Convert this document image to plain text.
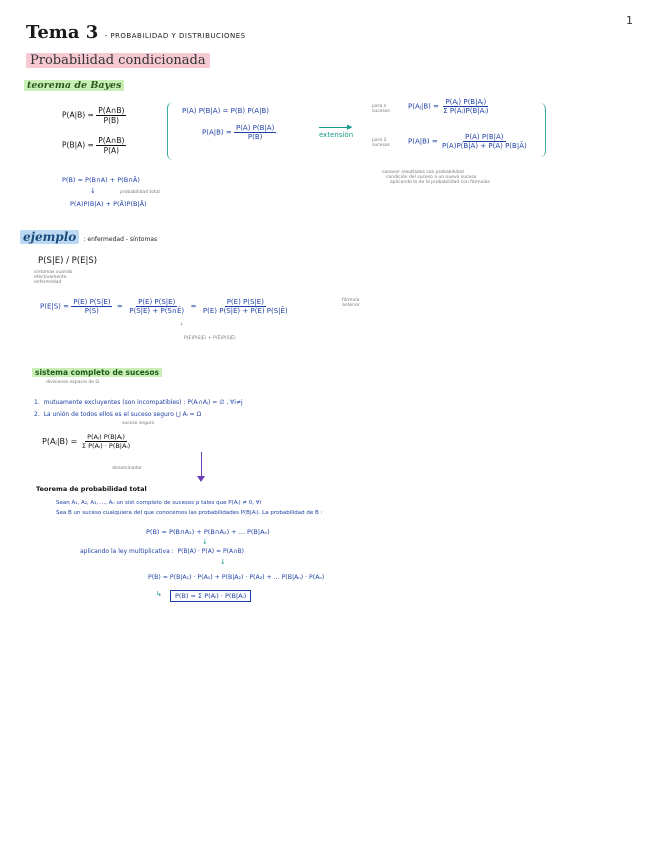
1
Tema 3 - PROBABILIDAD Y DISTRIBUCIONES
Probabilidad condicionada
teorema de Bayes
$P(A|B) = \frac{P(A\cap B)}{P(B)}$
$P(B|A) = \frac{P(A\cap B)}{P(A)}$
P(A) P(B|A) = P(B) P(A|B)
$P(A|B) = \frac{P(A) P(B|A)}{P(B)}$	▶
extensión
para n sucesos
para 2 sucesos
P(Aⱼ|B) = $\frac{\text{P(Aⱼ) P(B|Aⱼ)}}{\text{Σ P(Aᵢ)P(B|Aᵢ)}}$
$P(A|B) = \frac{P(A) P(B|A)}{P(A)P(B|A) + P(Ā) P(B|Ā)}$
P(B) = P(B∩A) + P(B∩Ā)
↓	probabilidad total
P(A)P(B|A) + P(Ā)P(B|Ā)
conocer resultados con probabilidad
condición del suceso a un nuevo suceso
aplicando lo de la probabilidad con fórmulas
ejemplo : enfermedad - síntomas
P(S|E) / P(E|S)
síntomas cuando
efectivamente
enfermedad
$P(E|S) = \frac{P(E) P(S|E)}{P(S)} = \frac{P(E) P(S|E)}{P(S|E) + P(S\cap Ē)} = \frac{P(E) P(S|E)}{P(E) P(S|E) + P(Ē) P(S|Ē)}$	fórmula anterior
↓
P(E)P(S|E) + P(Ē)P(S|Ē)
sistema completo de sucesos
divisiones espacio de Ω
1. mutuamente excluyentes (son incompatibles) : P(Aᵢ∩Aⱼ) = ∅ , ∀i≠j
2. La unión de todos ellos es el suceso seguro ⋃ Aᵢ = Ω
suceso seguro
P(Aⱼ|B) = $\frac{\text{P(Aⱼ) P(B|Aⱼ)}}{\text{Σ P(Aᵢ) · P(B|Aᵢ)}}$
denominador
Teorema de probabilidad total
Sean A₁, A₂, A₃, ..., Aₙ un sist completo de sucesos p tales que P(Aᵢ) ≠ 0, ∀i
Sea B un suceso cualquiera del que conocemos las probabilidades P(B|Aᵢ). La probabilidad de B :
P(B) = P(B∩A₁) + P(B∩A₂) + ... P(B|Aₙ)
↓
aplicando la ley multiplicativa : P(B|A) · P(A) = P(A∩B)
↓
P(B) = P(B|A₁) · P(A₁) + P(B|A₂) · P(A₂) + ... P(B|Aₙ) · P(Aₙ)
↳	P(B) = Σ P(Aᵢ) · P(B|Aᵢ)
